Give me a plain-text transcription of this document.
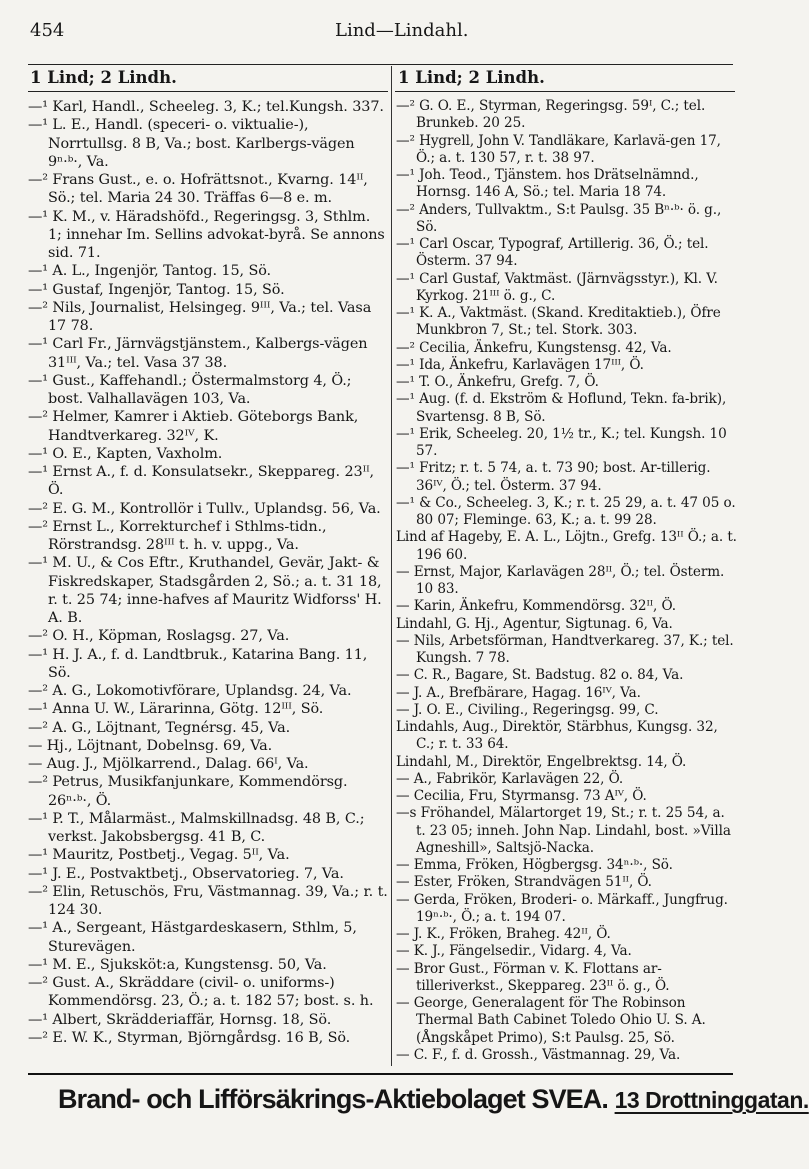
454	Lind—Lindahl.
1 Lind; 2 Lindh.	1 Lind; 2 Lindh.
—¹ Karl, Handl., Scheeleg. 3, K.; tel.Kungsh. 337.
—¹ L. E., Handl. (speceri- o. viktualie-), Norrtullsg. 8 B, Va.; bost. Karlbergs-vägen 9ⁿ·ᵇ·, Va.
—² Frans Gust., e. o. Hofrättsnot., Kvarng. 14ᴵᴵ, Sö.; tel. Maria 24 30. Träffas 6—8 e. m.
—¹ K. M., v. Häradshöfd., Regeringsg. 3, Sthlm. 1; innehar Im. Sellins advokat-byrå. Se annons sid. 71.
—¹ A. L., Ingenjör, Tantog. 15, Sö.
—¹ Gustaf, Ingenjör, Tantog. 15, Sö.
—² Nils, Journalist, Helsingeg. 9ᴵᴵᴵ, Va.; tel. Vasa 17 78.
—¹ Carl Fr., Järnvägstjänstem., Kalbergs-vägen 31ᴵᴵᴵ, Va.; tel. Vasa 37 38.
—¹ Gust., Kaffehandl.; Östermalmstorg 4, Ö.; bost. Valhallavägen 103, Va.
—² Helmer, Kamrer i Aktieb. Göteborgs Bank, Handtverkareg. 32ᴵⱽ, K.
—¹ O. E., Kapten, Vaxholm.
—¹ Ernst A., f. d. Konsulatsekr., Skeppareg. 23ᴵᴵ, Ö.
—² E. G. M., Kontrollör i Tullv., Uplandsg. 56, Va.
—² Ernst L., Korrekturchef i Sthlms-tidn., Rörstrandsg. 28ᴵᴵᴵ t. h. v. uppg., Va.
—¹ M. U., & Cos Eftr., Kruthandel, Gevär, Jakt- & Fiskredskaper, Stadsgården 2, Sö.; a. t. 31 18, r. t. 25 74; inne-hafves af Mauritz Widforss' H. A. B.
—² O. H., Köpman, Roslagsg. 27, Va.
—¹ H. J. A., f. d. Landtbruk., Katarina Bang. 11, Sö.
—² A. G., Lokomotivförare, Uplandsg. 24, Va.
—¹ Anna U. W., Lärarinna, Götg. 12ᴵᴵᴵ, Sö.
—² A. G., Löjtnant, Tegnérsg. 45, Va.
— Hj., Löjtnant, Dobelnsg. 69, Va.
— Aug. J., Mjölkarrend., Dalag. 66ᴵ, Va.
—² Petrus, Musikfanjunkare, Kommendörsg. 26ⁿ·ᵇ·, Ö.
—¹ P. T., Målarmäst., Malmskillnadsg. 48 B, C.; verkst. Jakobsbergsg. 41 B, C.
—¹ Mauritz, Postbetj., Vegag. 5ᴵᴵ, Va.
—¹ J. E., Postvaktbetj., Observatorieg. 7, Va.
—² Elin, Retuschös, Fru, Västmannag. 39, Va.; r. t. 124 30.
—¹ A., Sergeant, Hästgardeskasern, Sthlm, 5, Sturevägen.
—¹ M. E., Sjuksköt:a, Kungstensg. 50, Va.
—² Gust. A., Skräddare (civil- o. uniforms-) Kommendörsg. 23, Ö.; a. t. 182 57; bost. s. h.
—¹ Albert, Skrädderiaffär, Hornsg. 18, Sö.
—² E. W. K., Styrman, Björngårdsg. 16 B, Sö.
—² G. O. E., Styrman, Regeringsg. 59ᴵ, C.; tel. Brunkeb. 20 25.
—² Hygrell, John V. Tandläkare, Karlavä-gen 17, Ö.; a. t. 130 57, r. t. 38 97.
—¹ Joh. Teod., Tjänstem. hos Drätselnämnd., Hornsg. 146 A, Sö.; tel. Maria 18 74.
—² Anders, Tullvaktm., S:t Paulsg. 35 Bⁿ·ᵇ· ö. g., Sö.
—¹ Carl Oscar, Typograf, Artillerig. 36, Ö.; tel. Österm. 37 94.
—¹ Carl Gustaf, Vaktmäst. (Järnvägsstyr.), Kl. V. Kyrkog. 21ᴵᴵᴵ ö. g., C.
—¹ K. A., Vaktmäst. (Skand. Kreditaktieb.), Öfre Munkbron 7, St.; tel. Stork. 303.
—² Cecilia, Änkefru, Kungstensg. 42, Va.
—¹ Ida, Änkefru, Karlavägen 17ᴵᴵᴵ, Ö.
—¹ T. O., Änkefru, Grefg. 7, Ö.
—¹ Aug. (f. d. Ekström & Hoflund, Tekn. fa-brik), Svartensg. 8 B, Sö.
—¹ Erik, Scheeleg. 20, 1½ tr., K.; tel. Kungsh. 10 57.
—¹ Fritz; r. t. 5 74, a. t. 73 90; bost. Ar-tillerig. 36ᴵⱽ, Ö.; tel. Österm. 37 94.
—¹ & Co., Scheeleg. 3, K.; r. t. 25 29, a. t. 47 05 o. 80 07; Fleminge. 63, K.; a. t. 99 28.
Lind af Hageby, E. A. L., Löjtn., Grefg. 13ᴵᴵ Ö.; a. t. 196 60.
— Ernst, Major, Karlavägen 28ᴵᴵ, Ö.; tel. Österm. 10 83.
— Karin, Änkefru, Kommendörsg. 32ᴵᴵ, Ö.
Lindahl, G. Hj., Agentur, Sigtunag. 6, Va.
— Nils, Arbetsförman, Handtverkareg. 37, K.; tel. Kungsh. 7 78.
— C. R., Bagare, St. Badstug. 82 o. 84, Va.
— J. A., Brefbärare, Hagag. 16ᴵⱽ, Va.
— J. O. E., Civiling., Regeringsg. 99, C.
Lindahls, Aug., Direktör, Stärbhus, Kungsg. 32, C.; r. t. 33 64.
Lindahl, M., Direktör, Engelbrektsg. 14, Ö.
— A., Fabrikör, Karlavägen 22, Ö.
— Cecilia, Fru, Styrmansg. 73 Aᴵⱽ, Ö.
—s Fröhandel, Mälartorget 19, St.; r. t. 25 54, a. t. 23 05; inneh. John Nap. Lindahl, bost. »Villa Agneshill», Saltsjö-Nacka.
— Emma, Fröken, Högbergsg. 34ⁿ·ᵇ·, Sö.
— Ester, Fröken, Strandvägen 51ᴵᴵ, Ö.
— Gerda, Fröken, Broderi- o. Märkaff., Jungfrug. 19ⁿ·ᵇ·, Ö.; a. t. 194 07.
— J. K., Fröken, Braheg. 42ᴵᴵ, Ö.
— K. J., Fängelsedir., Vidarg. 4, Va.
— Bror Gust., Förman v. K. Flottans ar-tilleriverkst., Skeppareg. 23ᴵᴵ ö. g., Ö.
— George, Generalagent för The Robinson Thermal Bath Cabinet Toledo Ohio U. S. A. (Ångskåpet Primo), S:t Paulsg. 25, Sö.
— C. F., f. d. Grossh., Västmannag. 29, Va.
Brand- och Lifförsäkrings-Aktiebolaget SVEA. 13 Drottninggatan.
